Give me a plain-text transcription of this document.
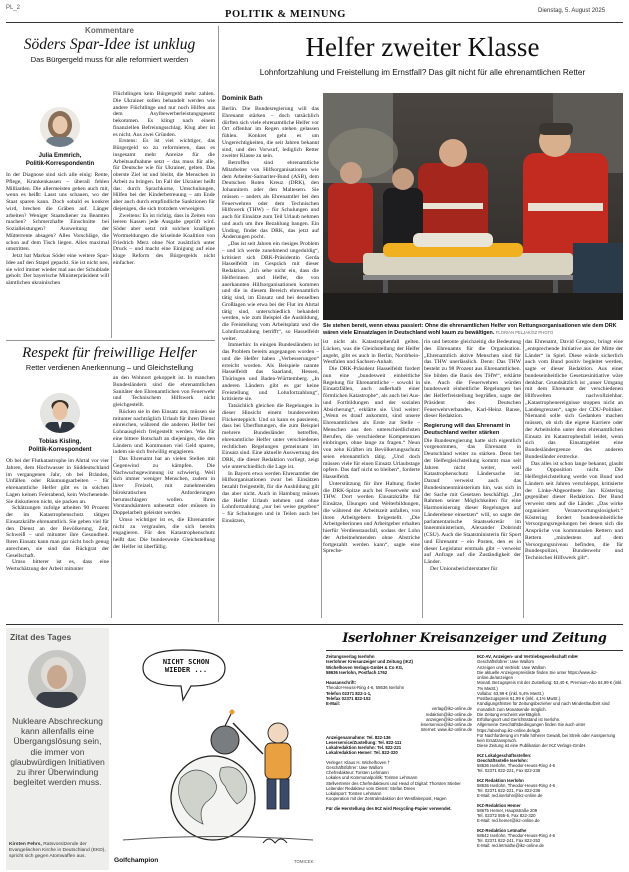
PL_2
POLITIK & MEINUNG	Dienstag, 5. August 2025
Kommentare
Söders Spar-Idee ist unklug
Das Bürgergeld muss für alle reformiert werden
Julia Emmrich,
Politik-Korrespondentin

In der Diagnose sind sich alle einig: Rente, Pflege, Krankenkassen – überall fehlen Milliarden. Die allermeisten gehen auch mit, wenn es heißt: Lasst uns schauen, wo der Staat sparen kann. Doch sobald es konkret wird, brechen die Gräben auf. Länger arbeiten? Weniger Staatsdiener zu Beamten machen? Schmerzhafte Einschnitte bei Sozialleistungen? Ausweitung der Mütterrente absagen? Alles Vorschläge, die schon auf dem Tisch liegen. Alles maximal umstritten.

Jetzt hat Markus Söder eine weitere Spar-Idee auf den Stapel gepackt. Sie ist nicht neu, sie wird immer wieder mal aus der Schublade geholt: Der bayerische Ministerpräsident will sämtlichen ukrainischen

Flüchtlingen kein Bürgergeld mehr zahlen. Die Ukrainer sollen behandelt werden wie andere Flüchtlinge und nur noch Hilfen aus dem Asylbewerberleistungsgesetz bekommen. Es klingt nach einem finanziellen Befreiungsschlag. Klug aber ist es nicht. Aus zwei Gründen.

Erstens: Es ist viel wichtiger, das Bürgergeld so zu reformieren, dass es insgesamt mehr Anreize für die Arbeitsaufnahme setzt – das muss für alle, für Deutsche wie für Ukrainer, gelten. Das oberste Ziel ist und bleibt, die Menschen in Arbeit zu bringen. Im Fall der Ukrainer heißt das: durch Sprachkurse, Umschulungen, Hilfen bei der Kinderbetreuung – am Ende aber auch durch empfindliche Sanktionen für diejenigen, die sich trotzdem verweigern.

Zweitens: Es ist richtig, dass in Zeiten von leeren Kassen jede Ausgabe geprüft wird. Söder aber setzt mit solchen knalligen Wortmeldungen die kriselnde Koalition von Friedrich Merz ohne Not zusätzlich unter Druck – und macht eine Einigung auf eine kluge Reform des Bürgergelds nicht einfacher.

Respekt für freiwillige Helfer
Retter verdienen Anerkennung – und Gleichstellung
Tobias Kisling,
Politik-Korrespondent

Ob bei der Flutkatastrophe im Ahrtal vor vier Jahren, dem Hochwasser in Süddeutschland im vergangenen Jahr, ob bei Bränden, Unfällen oder Räumungsarbeiten – für ehrenamtliche Helfer gibt es in solchen Lagen keinen Feierabend, kein Wochenende. Sie diskutieren nicht, sie packen an.

Schätzungen zufolge arbeiten 90 Prozent der im Katastrophenschutz tätigen Einsatzkräfte ehrenamtlich. Sie geben viel für den Dienst an der Bevölkerung, Zeit, Schweiß – und mitunter ihre Gesundheit. Ihren Einsatz kann man gar nicht hoch genug anrechnen, sie sind das Rückgrat der Gesellschaft.

Umso bitterer ist es, dass eine Wertschätzung der Arbeit mitunter

an den Wohnort gekoppelt ist. In manchen Bundesländern sind die ehrenamtlichen Sanitäter den Ehrenamtlichen von Feuerwehr und Technischem Hilfswerk nicht gleichgestellt.

Rücken sie in den Einsatz aus, müssen sie mitunter nachträglich Urlaub für ihren Dienst einreichen, während die anderen Helfer bei Lohnausgleich freigestellt werden. Was für eine bittere Botschaft an diejenigen, die den Ländern und Kommunen viel Geld sparen, indem sie sich freiwillig engagieren.

Das Ehrenamt hat an vielen Stellen mit Gegenwind zu kämpfen. Die Nachwuchsgewinnung ist schwierig. Weil sich immer weniger Menschen, zudem in ihrer Freizeit, mit zunehmenden bürokratischen Anforderungen herumschlagen wollen. Ihren Vorstandsämtern unbesetzt oder müssen in Doppelarbeit geleistet werden.

Umso wichtiger ist es, die Ehrenamtler nicht zu vergraulen, die sich bereits engagieren. Für den Katastrophenschutz heißt das: Die bundesweite Gleichstellung der Helfer ist überfällig.

Helfer zweiter Klasse
Lohnfortzahlung und Freistellung im Ernstfall? Das gilt nicht für alle ehrenamtlichen Retter
Dominik Bath

Berlin. Die Bundesregierung will das Ehrenamt stärken – doch tatsächlich dürften sich viele ehrenamtliche Helfer vor Ort offenbar im Regen stehen gelassen fühlen. Konkret geht es um Ungerechtigkeiten, die seit Jahren bekannt sind, und den Vorwurf, lediglich Retter zweiter Klasse zu sein.

Betroffen sind ehrenamtliche Mitarbeiter von Hilfsorganisationen wie dem Arbeiter-Samariter-Bund (ASB), dem Deutschen Roten Kreuz (DRK), den Johannitern oder den Maltesern. Sie müssen – anders als Ehrenamtler bei den Feuerwehren oder dem Technischen Hilfswerk (THW) – für Schulungen und auch für Einsätze zum Teil Urlaub nehmen und auch um ihre Bezahlung bangen. Ein Unding, findet das DRK, das jetzt auf Änderungen pocht.

„Das ist seit Jahren ein riesiges Problem – und ich werde zunehmend ungeduldig“, kritisiert sich DRK-Präsidentin Gerda Hasselfeldt im Gespräch mit dieser Redaktion. „Ich sehe nicht ein, dass die Helferinnen und Helfer, die von anerkannten Hilfsorganisationen kommen und die in diesem Bereich ehrenamtlich tätig sind, im Einsatz und bei denselben Großlagen wie etwa bei der Flut im Ahrtal tätig sind, unterschiedlich behandelt werden, wie zum Beispiel die Ausbildung, die Freistellung vom Arbeitsplatz und die Lohnfortzahlung betrifft“, so Hasselfeldt weiter.

Immerhin: In einigen Bundesländern ist das Problem bereits angegangen worden – und die Helfer haben „Verbesserungen“ erreicht worden. Als Beispiele nannte Hasselfeldt das Saarland, Hessen, Thüringen und Baden-Württemberg. „In anderen Ländern gibt es gar keine Freistellung und Lohnfortzahlung“, kritisierte sie.

Tatsächlich gleichen die Regelungen in dieser Hinsicht einem bundesweiten Flickenteppich. Und so kann es passieren, dass bei Überflutungen, die zum Beispiel mehrere Bundesländer betreffen, ehrenamtliche Helfer unter verschiedenen rechtlichen Regelungen gemeinsam im Einsatz sind. Eine aktuelle Auswertung des DRK, die dieser Redaktion vorliegt, zeigt wie unterschiedlich die Lage ist.

In Bayern etwa werden Ehrenamtler der Hilfsorganisationen zwar bei Einsätzen bezahlt freigestellt, für die Ausbildung gilt das aber nicht. Auch in Hamburg müssen die Helfer Urlaub nehmen und ohne Lohnfortzahlung „nur bei weise gegeben“ – für Schulungen und in Teilen auch bei Einsätzen,

Sie stehen bereit, wenn etwas passiert: Ohne die ehrenamtlichen Helfer von Rettungsorganisationen wie dem DRK wären viele Einsatzlagen in Deutschland wohl kaum zu bewältigen. FLORIAN PELJAK/SZ PHOTO

ist nicht als Katastrophenfall gelten. Lücken, was die Gleichstellung der Helfer angeht, gibt es auch in Berlin, Nordrhein-Westfalen und Sachsen-Anhalt.

Die DRK-Präsident Hasselfeldt fordert nun eine „bundesweit einheitliche Regelung für Ehrenamtliche – sowohl in Einsatzfällen, auch außerhalb einer förmlichen Katastrophe“, als auch bei Aus- und Fortbildungen und der sozialen Absicherung“, erklärte sie. Und weiter: „Wenn es drauf ankommt, sind unsere Ehrenamtlichen als Erste zur Stelle – Menschen aus den unterschiedlichsten Berufen, die verschiedene Kompetenzen einbringen, ohne lange zu fragen.“ Neun von zehn Kräften im Bevölkerungsschutz seien ehrenamtlich tätig. „Und doch müssen viele für einen Einsatz Urlaubstage opfern. Das darf nicht so bleiben“, forderte Hasselfeldt.

Unterstützung für ihre Haltung findet die DRK-Spitze auch bei Feuerwehr und THW. Dort werden Einsatzkräfte für Einsätze, Übungen und Weiterbildungen, die während der Arbeitszeit anfallen, von ihren Arbeitgebern freigestellt. „Die Arbeitgeberinnen und Arbeitgeber erhalten hierfür Verdienstausfall, sodass der Lohn der Arbeitnehmenden ohne Abstriche fortgezahlt werden kann“, sagte eine Spreche-

rin und betonte gleichzeitig die Bedeutung des Ehrenamts für die Organisation. „Ehrenamtlich aktive Menschen sind für das THW unerlässlich. Denn: Das THW besteht zu 98 Prozent aus Ehrenamtlichen. Sie bilden die Basis des THW“, erklärte sie. Auch die Feuerwehren würden bundesweit einheitliche Regelungen bei der Helferfreistellung begrüßen, sagte der Präsident des Deutschen Feuerwehrverbandes, Karl-Heinz Banse, dieser Redaktion.

Regierung will das Ehrenamt in Deutschland weiter stärken

Die Bundesregierung hatte sich eigentlich vorgenommen, das Ehrenamt in Deutschland weiter zu stärken. Denn bei der Helfergleichstellung kommt man seit Jahren nicht weiter, weil Katastrophenschutz Ländersache ist. Darauf verweist auch das Bundesinnenministerium hin, was sich in der Sache mit Gesetzen beschäftigt. „Im Rahmen seiner Möglichkeiten für eine Harmonisierung dieser Regelungen auf Länderebene einsetzen“ will, so sagte der parlamentarische Staatssekretär im Innenministerium, Alexander Dobrindt (CSU). Auch die Staatsministerin für Sport und Ehrenamt – ein Posten, den es in dieser Legislatur erstmals gibt – verweist auf Anfrage auf die Zuständigkeit der Länder.

Der Unionsberichterstatter für

das Ehrenamt, David Gregosz, bringt eine „entsprechende Initiative aus der Mitte der Länder“ in Spiel. Diese würde sicherlich auch vom Bund positiv begleitet werden, sagte er dieser Redaktion. Aus einer bundeseinheitliche Gesetzesinitiative wäre denkbar. Grundsätzlich ist „unser Umgang mit dem Ehrenamt der verschiedenen Hilfswelten nachvollziehbar. „Katastrophenereignisse stoppen nicht an Landesgrenzen“, sagte der CDU-Politiker. Niemand solle sich Gedanken machen müssen, ob sich die eigene Karriere oder der Arbeitslohn unter dem ehrenamtlichen Einsatz im Katastrophenfall leidet, wenn sich das Einsatzgebiet eine Bundesländergrenze des anderen Bundesländer erstrecke.

Das alles ist schon lange bekannt, glaubt die Opposition nicht. Die Helfergleichstellung werde von Bund und Ländern seit Jahren verschleppt, kritisierte der Linke-Abgeordnete Jan Köstering gegenüber dieser Redaktion. Der Bund verweist stets auf die Länder. „Das wirke organisiert Verantwortungslosigkeit.“ Köstering fordert bundeseinheitliche Versorgungsregelungen bei denen sich die Ansprüche von kommunalen Rettern und Rettern „mindestens auf dem Versorgungsniveau befinden, die für Bundespolizei, Bundeswehr und Technisches Hilfswerk gilt“.

Zitat des Tages
Nukleare Abschreckung kann allenfalls eine Übergangslösung sein, die immer von glaubwürdigen Initiativen zu ihrer Überwindung begleitet werden muss.
Kirsten Fehrs, Ratsvorsitzende der Evangelischen Kirche in Deutschland (EKD), spricht sich gegen Atomwaffen aus.
NICHT SCHON WIEDER ...
Golfchampion	TOMICEK
Iserlohner Kreisanzeiger und Zeitung
Zeitungsverlag Iserlohn
Iserlohner Kreisanzeiger und Zeitung (IKZ)
Wichelhoven Verlags-GmbH & Co KG,
58636 Iserlohn, Postfach 1762
Hausanschrift:
Theodor-Heuss-Ring 4-6, 58636 Iserlohn
Telefon 02371 822-1-1,
Telefax 02371 822-102
E-Mail:
verlag@ikz-online.de
redaktion@ikz-online.de
anzeigen@ikz-online.de
leserservice@ikz-online.de
Internet: www.ikz-online.de
Anzeigenannahme: Tel. 822-136
Leserservice/Zustellung: Tel. 822-111
Lokalredaktion Iserlohn: Tel. 822-221
Lokalredaktion Hemer: Tel. 822-320
Verleger: Klaus H. Wichelhoven †
Geschäftsführer: Uwe Wallom
Chefredakteur: Torsten Lehmann
Lokales und Kommunalpolitik: Torsten Lehmann
Stellvertreter des Chefredakteurs und Head of Digital: Thorsten Stieber
Leitender Redakteur vom Dienst: Stefan Drees
Lokalsport: Torsten Lehmann
Kooperation mit der Zentralredaktion der Westfalenpost, Hagen
Für die Herstellung des IKZ wird Recycling-Papier verwendet.
IKZ-AV, Anzeigen- und Vertriebsgesellschaft mbH
Geschäftsführer: Uwe Wallom
Anzeigen und Vertrieb: Uwe Wallom
Die aktuelle Anzeigenpreisliste finden Sie unter https://www.ikz-online.de/anzeigen
Monatl. Bezugspreis mit der Zustellung: 53,40 €, Premium-Abo 64,99 € (inkl. 7% MwSt.)
Vollabo: 63,99 € (inkl. 5,4% MwSt.)
Postbezugspreis 61,99 € (inkl. 4,1% MwSt.).
Kündigungsfristen für Zeitungsbezieher und nach Mindestlaufzeit sind monatlich zum Monatsende möglich.
Die Zeitung erscheint werktäglich.
Erfüllungsort und Gerichtsstand ist Iserlohn.
Allgemeine Geschäftsbedingungen finden Sie auch unter https://abоshop.ikz-online.de/agb
Für Nachforderung im Falle höherer Gewalt, bei Streik oder Aussperrung kein Ersatzanspruch.
Diese Zeitung ist eine Publikation der IKZ Verlags-GmbH.
IKZ Lokalgeschäftsstellen:
Geschäftsstelle Iserlohn:
58636 Iserlohn, Theodor-Heuss-Ring 4-6
Tel. 02371 822-221, Fax 822-236
IKZ Redaktion Iserlohn
58636 Iserlohn, Theodor-Heuss-Ring 4-6
Tel. 02371 822-221, Fax 822-236
E-Mail: red.iserlohn@ikz-online.de
IKZ-Redaktion Hemer
58675 Hemer, Hauptstraße 209
Tel. 02372 555-5, Fax 822-320
E-Mail: red.hemer@ikz-online.de
IKZ-Redaktion Letmathe
58642 Iserlohn, Theodor-Heuss-Ring 4-6
Tel. 02371 822-241, Fax 822-252
E-Mail: red.letmathe@ikz-online.de
